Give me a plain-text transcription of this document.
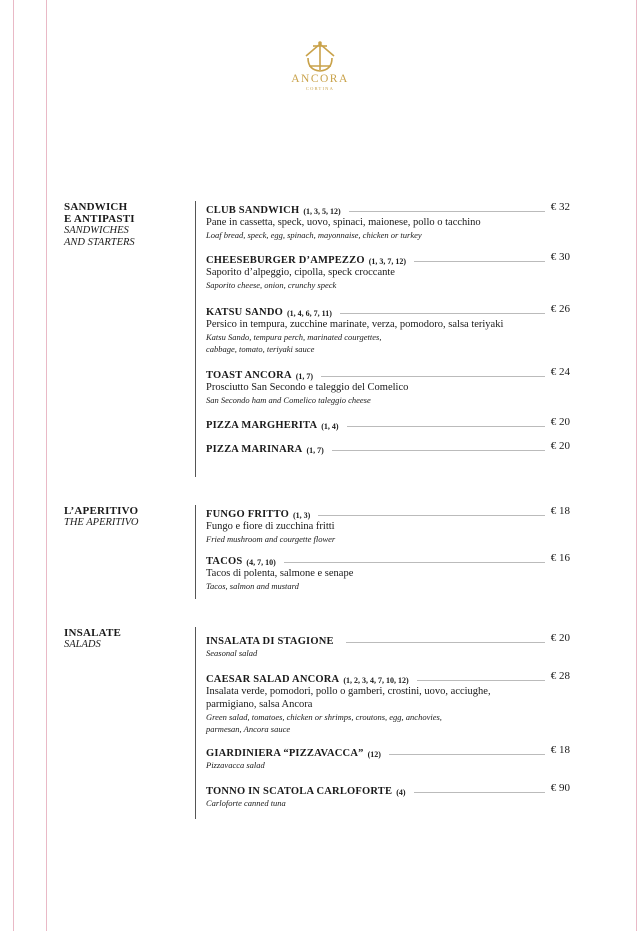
ANCORA
CORTINA
SANDWICH
E ANTIPASTI
SANDWICHES
AND STARTERS
CLUB SANDWICH (1, 3, 5, 12)	€ 32
Pane in cassetta, speck, uovo, spinaci, maionese, pollo o tacchino
Loaf bread, speck, egg, spinach, mayonnaise, chicken or turkey
CHEESEBURGER D’AMPEZZO (1, 3, 7, 12)	€ 30
Saporito d’alpeggio, cipolla, speck croccante
Saporito cheese, onion, crunchy speck
KATSU SANDO (1, 4, 6, 7, 11)	€ 26
Persico in tempura, zucchine marinate, verza, pomodoro, salsa teriyaki
Katsu Sando, tempura perch, marinated courgettes,
cabbage, tomato, teriyaki sauce
TOAST ANCORA (1, 7)	€ 24
Prosciutto San Secondo e taleggio del Comelico
San Secondo ham and Comelico taleggio cheese
PIZZA MARGHERITA (1, 4)	€ 20
PIZZA MARINARA (1, 7)	€ 20
L’APERITIVO
THE APERITIVO
FUNGO FRITTO (1, 3)	€ 18
Fungo e fiore di zucchina fritti
Fried mushroom and courgette flower
TACOS (4, 7, 10)	€ 16
Tacos di polenta, salmone e senape
Tacos, salmon and mustard
INSALATE
SALADS	INSALATA DI STAGIONE	€ 20
Seasonal salad
CAESAR SALAD ANCORA (1, 2, 3, 4, 7, 10, 12)	€ 28
Insalata verde, pomodori, pollo o gamberi, crostini, uovo, acciughe,
parmigiano, salsa Ancora
Green salad, tomatoes, chicken or shrimps, croutons, egg, anchovies,
parmesan, Ancora sauce
GIARDINIERA “PIZZAVACCA” (12)	€ 18
Pizzavacca salad
TONNO IN SCATOLA CARLOFORTE (4)	€ 90
Carloforte canned tuna
